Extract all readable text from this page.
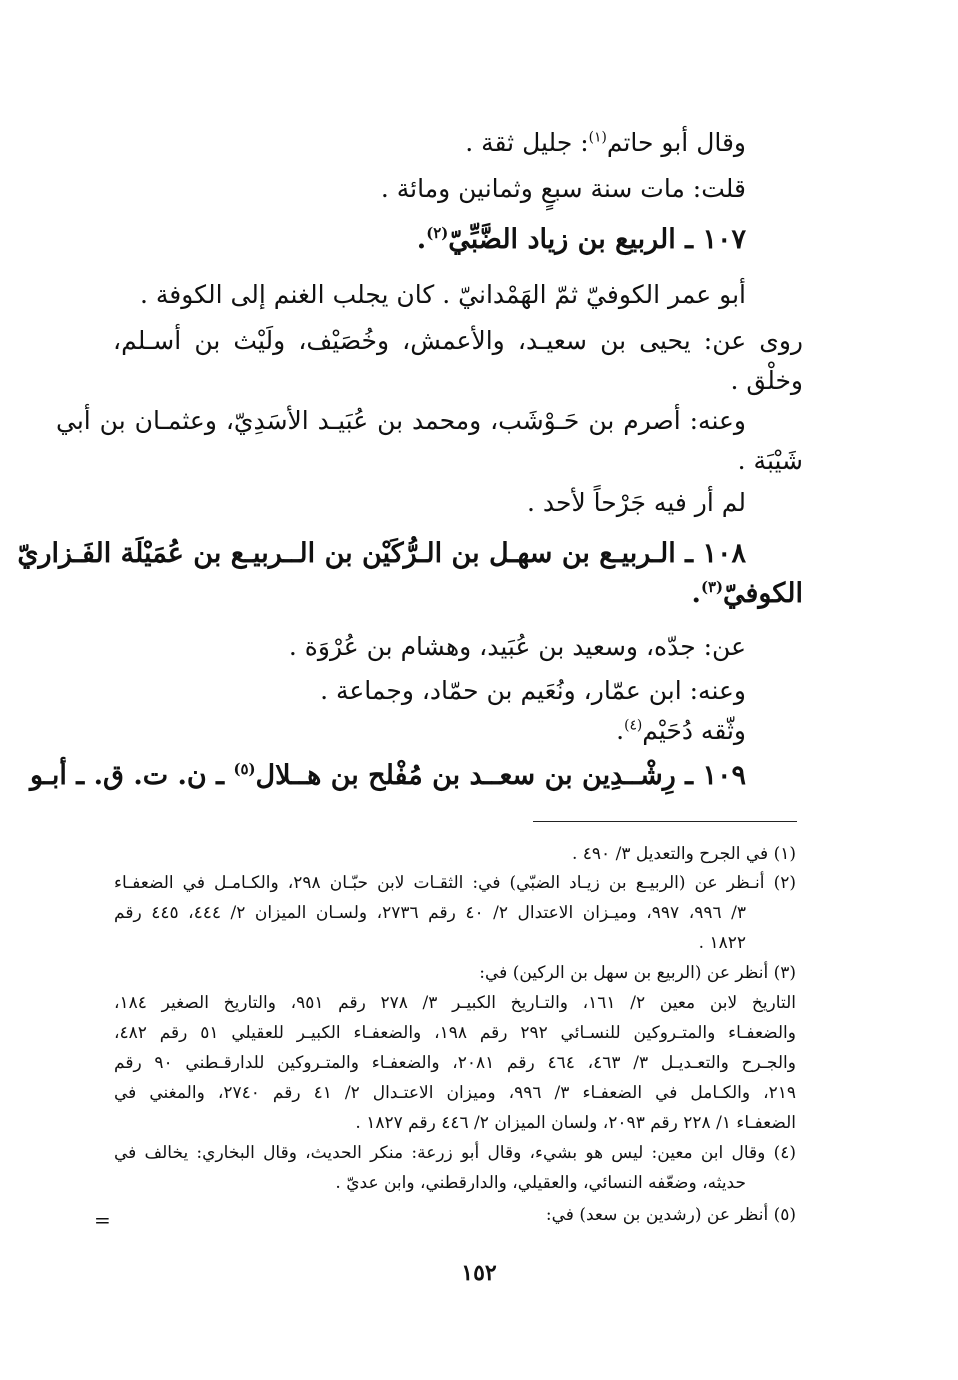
وقال أبو حاتم$^{(١)}$: جليل ثقة .
قلت: مات سنة سبعٍ وثمانين ومائة .
١٠٧ ـ الربيع بن زياد الضَّبِّيّ$^{(٢)}$.
أبو عمر الكوفيّ ثمّ الهَمْدانيّ . كان يجلب الغنم إلى الكوفة .
روى عن: يحيى بن سعيـد، والأعمش، وخُصَيْف، ولَيْث بن أسـلم،
وخلْق .
وعنه: أصرم بن حَـوْشَب، ومحمد بن عُبَيـد الأسَدِيّ، وعثمـان بن أبي
شَيْبَة .
لم أر فيه جَرْحاً لأحد .
١٠٨ ـ الـربيـع بن سهـل بن الـرُّكَيْن بن الــربيـع بن عُمَيْلَة الفَـزاريّ
الكوفيّ$^{(٣)}$.
عن: جدّه، وسعيد بن عُبَيد، وهشام بن عُرْوَة .
وعنه: ابن عمّار، ونُعَيم بن حمّاد، وجماعة .
وثّقه دُحَيْم$^{(٤)}$.
١٠٩ ـ رِشْــدِين بن سعــد بن مُفْلح بن هــلال$^{(٥)}$ ـ ن. ت. ق. ـ أبـو
(١) في الجرح والتعديل ٣/ ٤٩٠ .
(٢) أنـظر عن (الربيـع بن زيـاد الضبّي) في: الثقـات لابن حبّـان ٢٩٨، والكـامـل في الضعفـاء
٣/ ٩٩٦، ٩٩٧، وميـزان الاعتدال ٢/ ٤٠ رقم ٢٧٣٦، ولسـان الميزان ٢/ ٤٤٤، ٤٤٥ رقم
١٨٢٢ .
(٣) أنظر عن (الربيع بن سهل بن الركين) في:
التاريخ لابن معين ٢/ ١٦١، والتـاريخ الكبيـر ٣/ ٢٧٨ رقم ٩٥١، والتاريخ الصغير ١٨٤،
والضعفـاء والمتـروكين للنسـائي ٢٩٢ رقم ١٩٨، والضعفـاء الكبيـر للعقيلي ٥١ رقم ٤٨٢،
والجـرح والتعـديـل ٣/ ٤٦٣، ٤٦٤ رقم ٢٠٨١، والضعفـاء والمتـروكين للدارقـطني ٩٠ رقم
٢١٩، والكـامل في الضعفـاء ٣/ ٩٩٦، وميزان الاعتـدال ٢/ ٤١ رقم ٢٧٤٠، والمغني في
الضعفـاء ١/ ٢٢٨ رقم ٢٠٩٣، ولسان الميزان ٢/ ٤٤٦ رقم ١٨٢٧ .
(٤) وقال ابن معين: ليس هو بشيء، وقال أبو زرعة: منكر الحديث، وقال البخاري: يخالف في
حديثه، وضعّفه النسائي، والعقيلي، والدارقطني، وابن عديّ .
(٥) أنظر عن (رشدين بن سعد) في:
=
١٥٢
